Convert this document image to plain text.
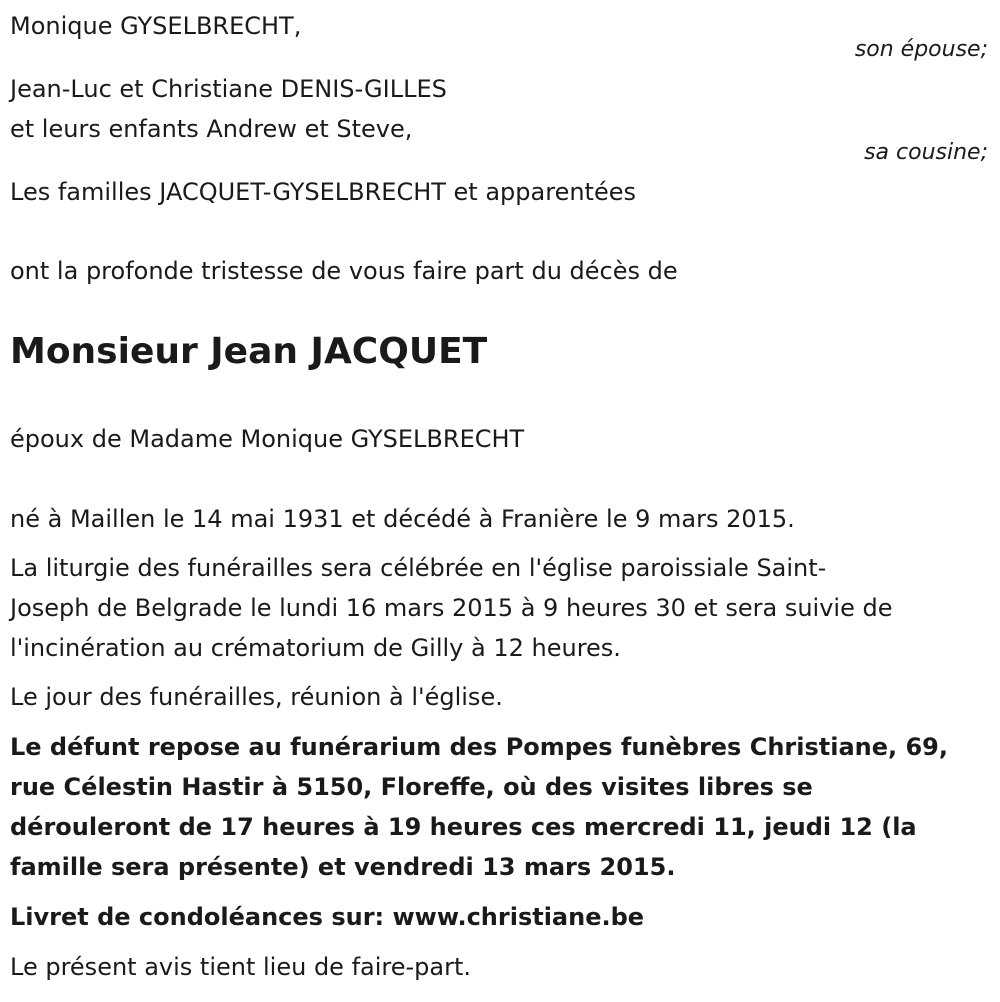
Monique GYSELBRECHT,

son épouse;

Jean-Luc et Christiane DENIS-GILLES

et leurs enfants Andrew et Steve,

sa cousine;

Les familles JACQUET-GYSELBRECHT et apparentées

ont la profonde tristesse de vous faire part du décès de

Monsieur Jean JACQUET

époux de Madame Monique GYSELBRECHT

né à Maillen le 14 mai 1931 et décédé à Franière le 9 mars 2015.

La liturgie des funérailles sera célébrée en l'église paroissiale Saint-

Joseph de Belgrade le lundi 16 mars 2015 à 9 heures 30 et sera suivie de

l'incinération au crématorium de Gilly à 12 heures.

Le jour des funérailles, réunion à l'église.

Le défunt repose au funérarium des Pompes funèbres Christiane, 69,

rue Célestin Hastir à 5150, Floreffe, où des visites libres se

dérouleront de 17 heures à 19 heures ces mercredi 11, jeudi 12 (la

famille sera présente) et vendredi 13 mars 2015.

Livret de condoléances sur: www.christiane.be

Le présent avis tient lieu de faire-part.
